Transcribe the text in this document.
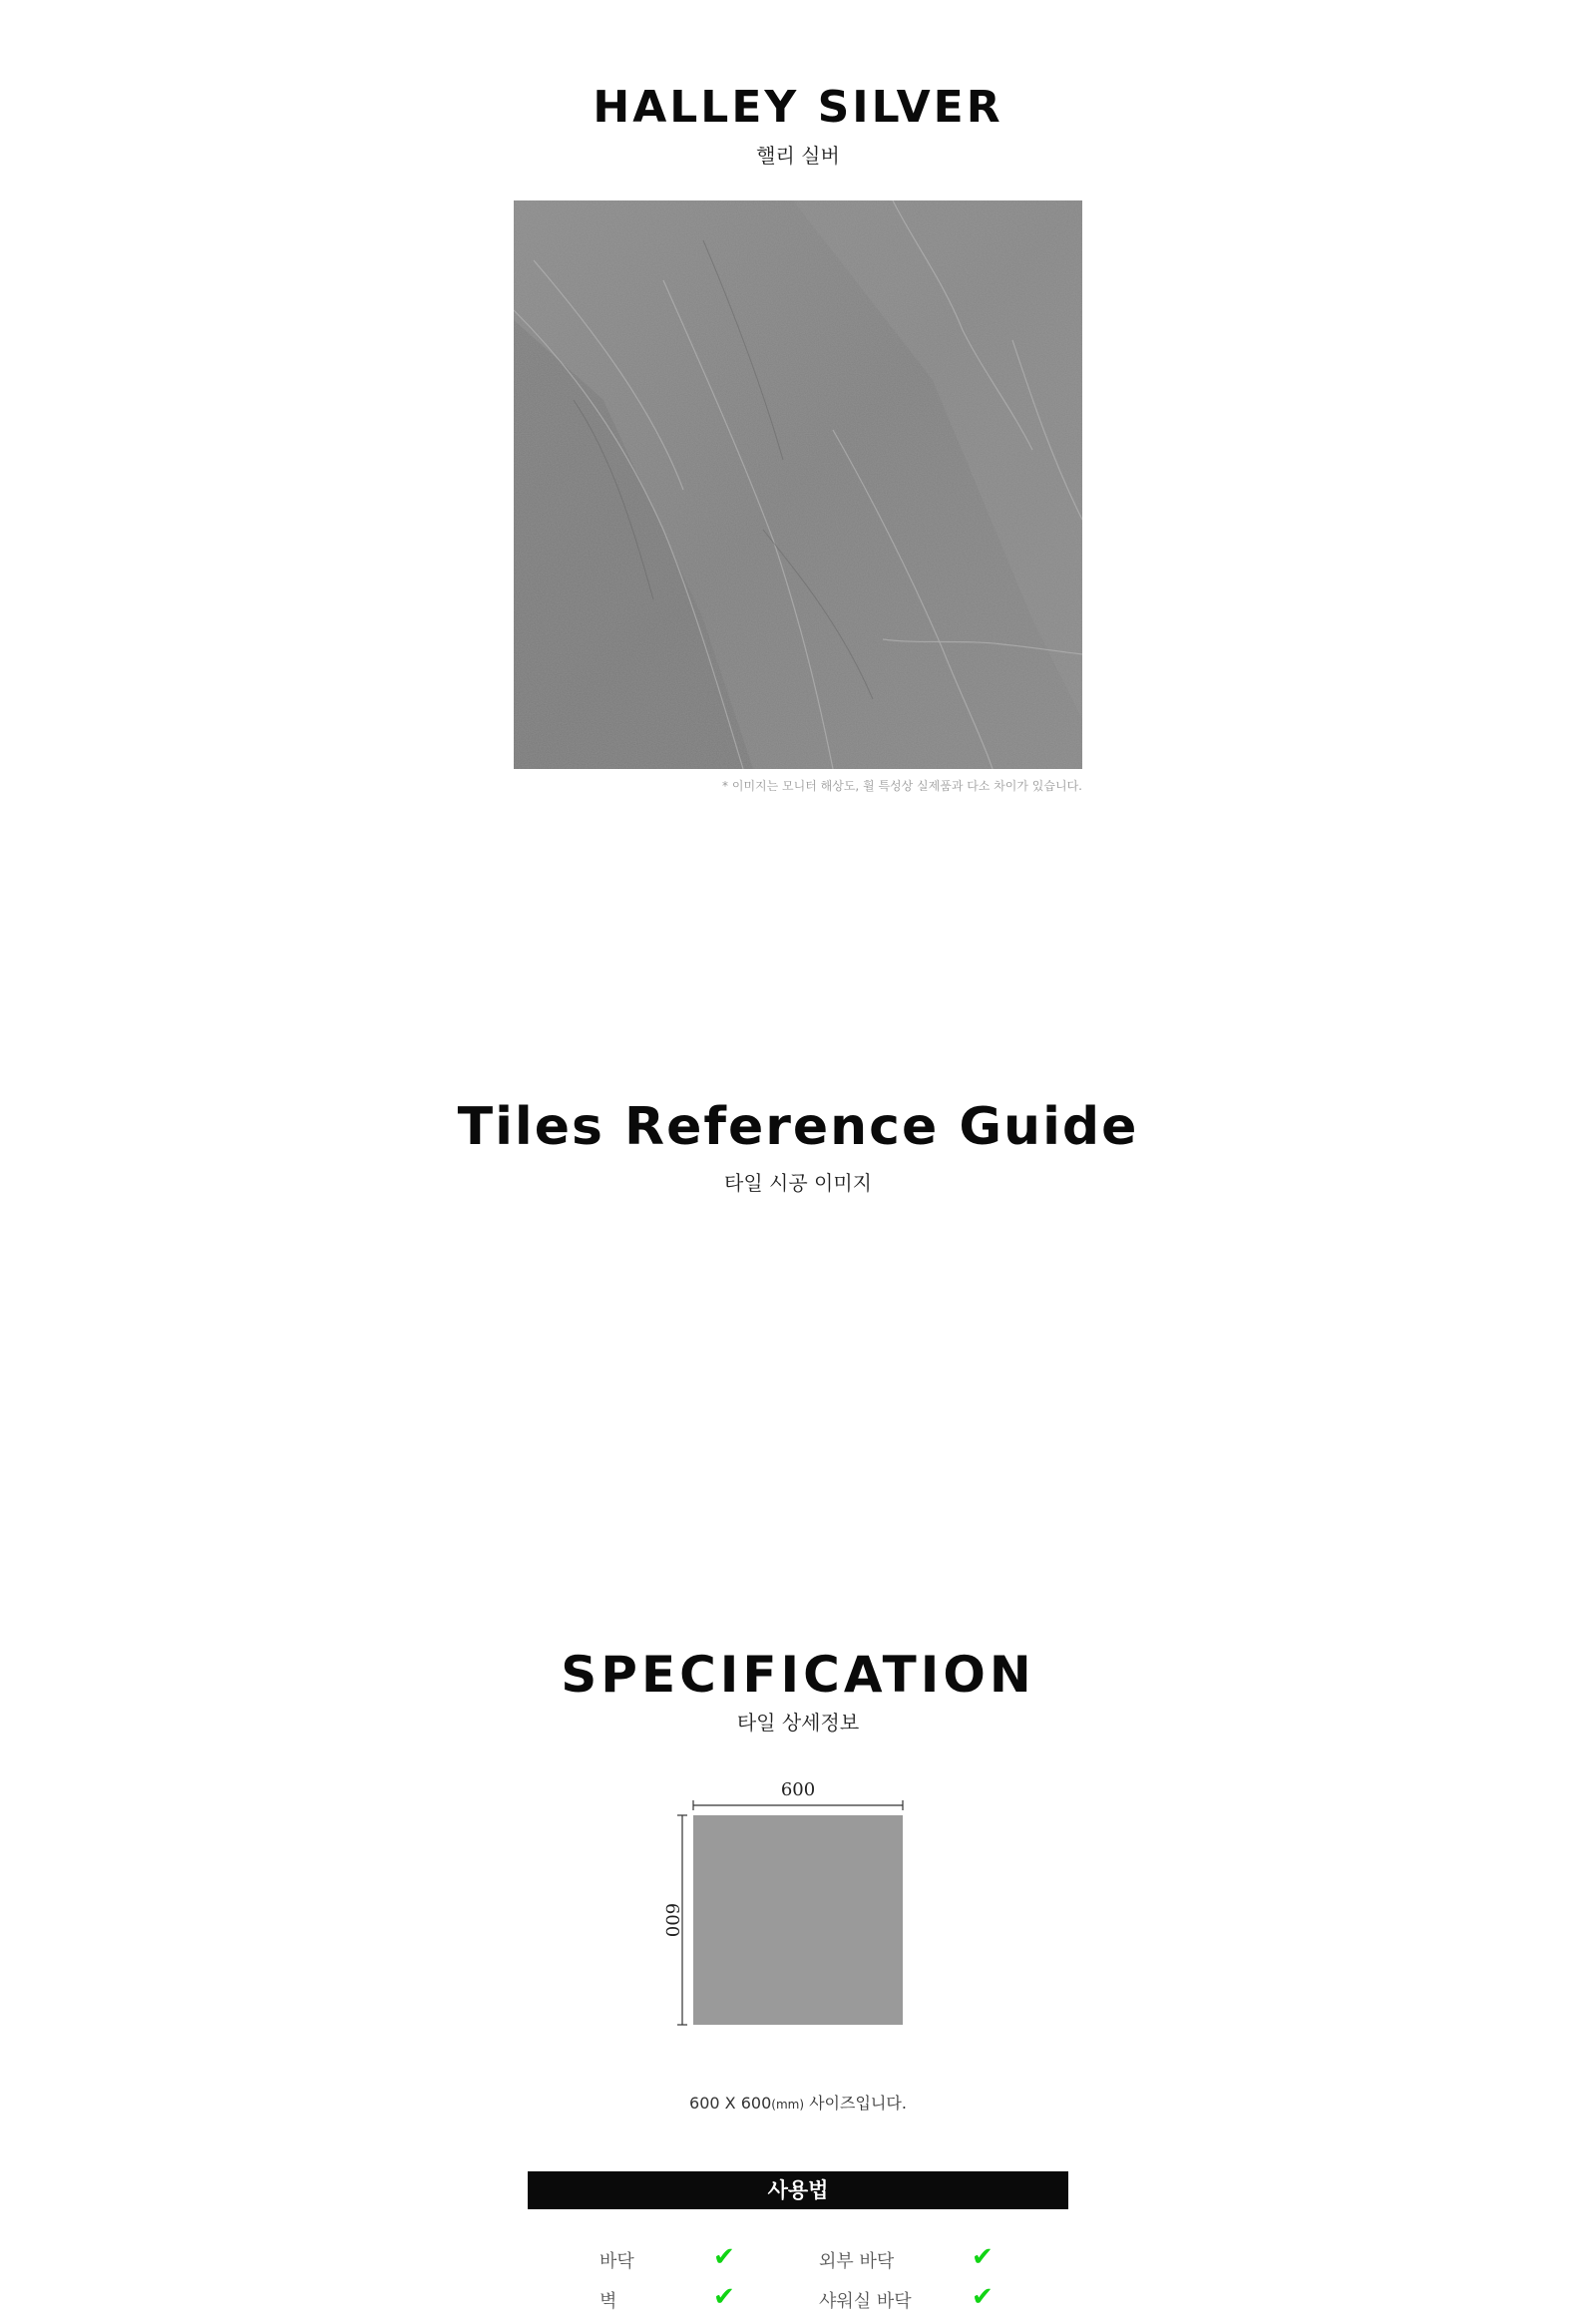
HALLEY SILVER
핼리 실버
* 이미지는 모니터 해상도, 휠 특성상 실제품과 다소 차이가 있습니다.
Tiles Reference Guide
타일 시공 이미지
SPECIFICATION
타일 상세정보
600
600
600 X 600(mm) 사이즈입니다.
사용법
바닥	✔	외부 바닥	✔
벽	✔	샤워실 바닥 ✔
